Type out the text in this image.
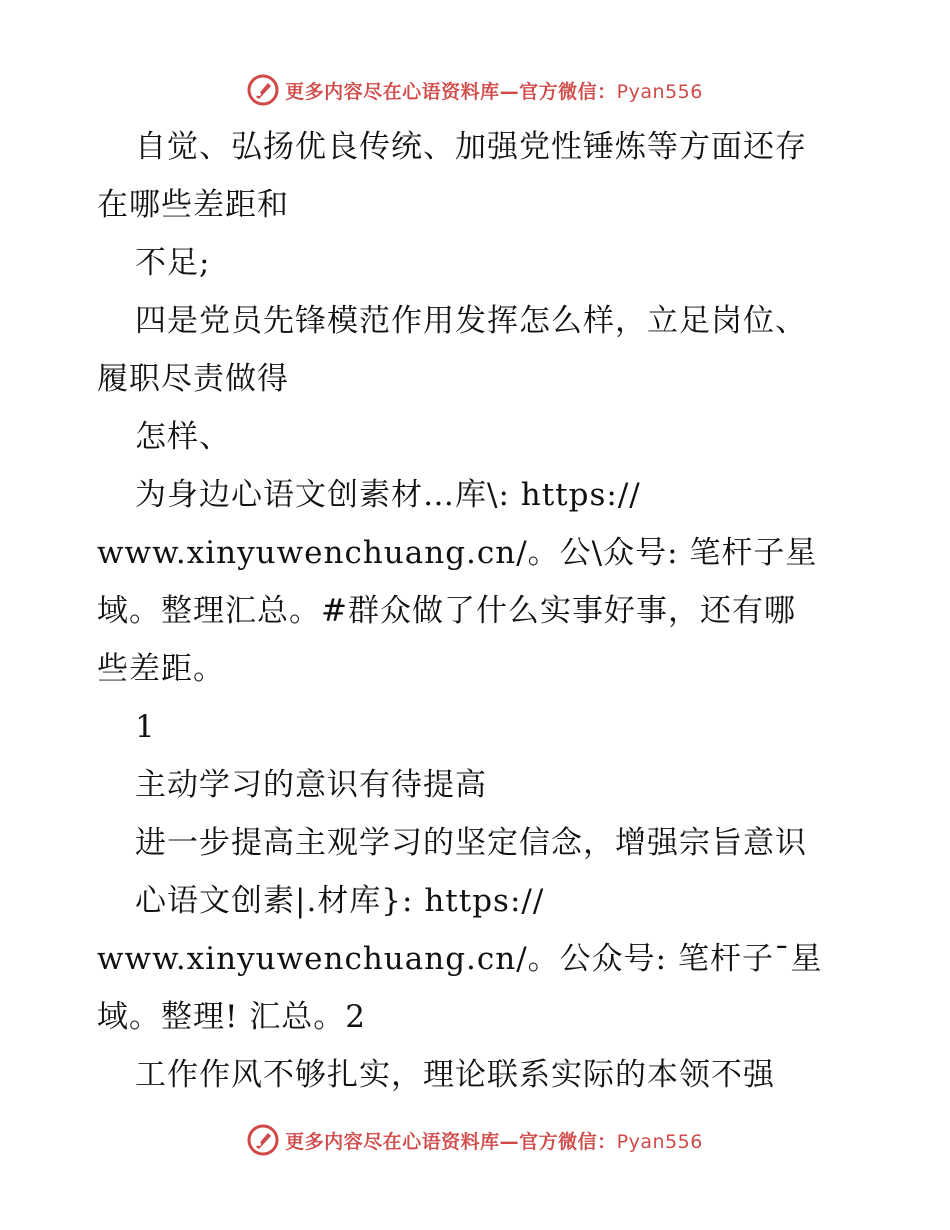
更多内容尽在心语资料库—官方微信：Pyan556
自觉、弘扬优良传统、加强党性锤炼等方面还存
在哪些差距和
不足;
四是党员先锋模范作用发挥怎么样，立足岗位、
履职尽责做得
怎样、
为身边心语文创素材…库\: https://
www.xinyuwenchuang.cn/。公\众号: 笔杆子星
域。整理汇总。#群众做了什么实事好事，还有哪
些差距。
1
主动学习的意识有待提高
进一步提高主观学习的坚定信念，增强宗旨意识
心语文创素|.材库}: https://
www.xinyuwenchuang.cn/。公众号: 笔杆子¯星
域。整理! 汇总。2
工作作风不够扎实，理论联系实际的本领不强
更多内容尽在心语资料库—官方微信：Pyan556
